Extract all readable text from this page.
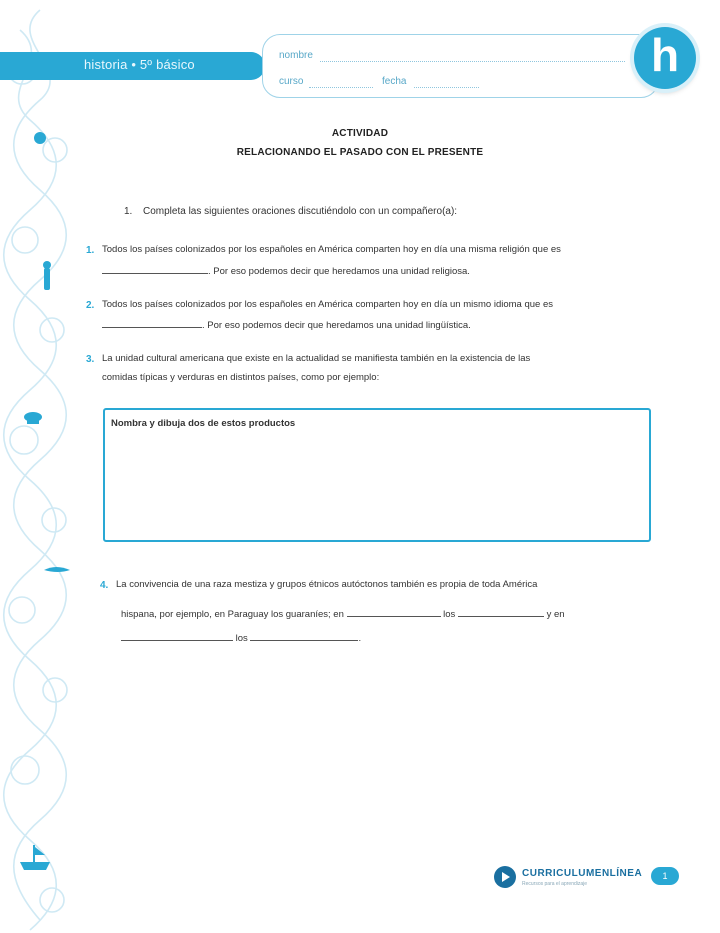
historia • 5º básico
nombre
curso	fecha
h
ACTIVIDAD
RELACIONANDO EL PASADO CON EL PRESENTE
1. Completa las siguientes oraciones discutiéndolo con un compañero(a):
1. Todos los países colonizados por los españoles en América comparten hoy en día una misma religión que es
. Por eso podemos decir que heredamos una unidad religiosa.
2. Todos los países colonizados por los españoles en América comparten hoy en día un mismo idioma que es
. Por eso podemos decir que heredamos una unidad lingüística.
3. La unidad cultural americana que existe en la actualidad se manifiesta también en la existencia de las
comidas típicas y verduras en distintos países, como por ejemplo:
Nombra y dibuja dos de estos productos
4. La convivencia de una raza mestiza y grupos étnicos autóctonos también es propia de toda América
hispana, por ejemplo, en Paraguay los guaraníes; en	los	y en
los	.
CURRICULUMENLÍNEA
Recursos para el aprendizaje
1
